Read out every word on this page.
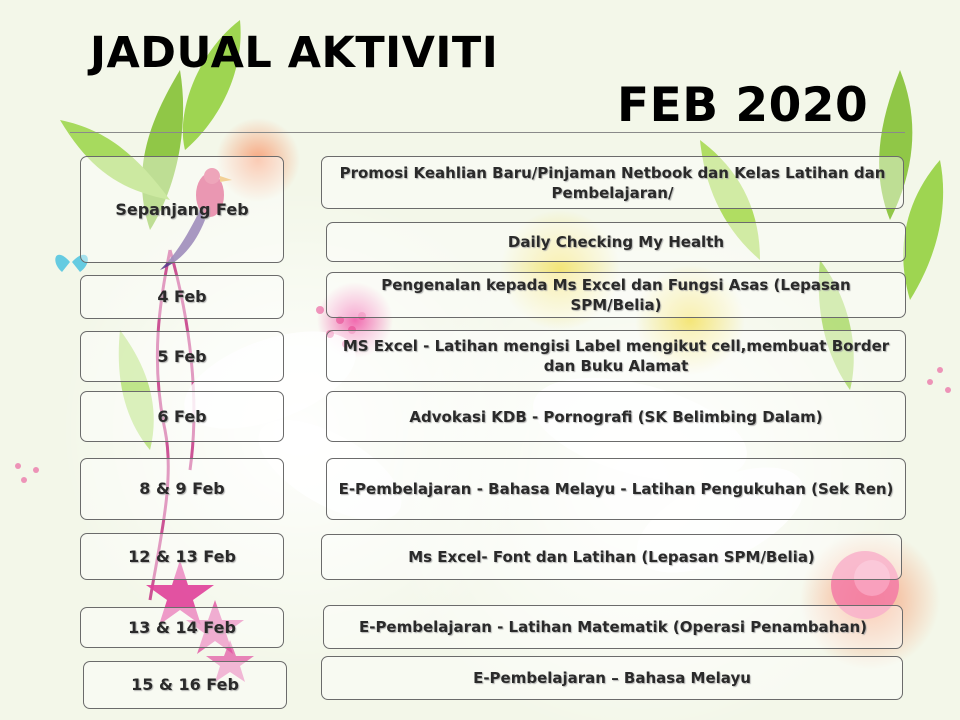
JADUAL AKTIVITI
FEB 2020
Sepanjang Feb
4 Feb
5 Feb
6 Feb
8 & 9 Feb
12 & 13 Feb
13 & 14 Feb
15 & 16 Feb
Promosi Keahlian Baru/Pinjaman Netbook dan Kelas Latihan dan Pembelajaran/
Daily Checking My Health
Pengenalan kepada Ms Excel dan Fungsi Asas (Lepasan SPM/Belia)
MS Excel - Latihan mengisi Label mengikut cell,membuat Border dan Buku Alamat
Advokasi KDB - Pornografi (SK Belimbing Dalam)
E-Pembelajaran - Bahasa Melayu - Latihan Pengukuhan (Sek Ren)
Ms Excel- Font dan Latihan (Lepasan SPM/Belia)
E-Pembelajaran - Latihan Matematik (Operasi Penambahan)
E-Pembelajaran – Bahasa Melayu
